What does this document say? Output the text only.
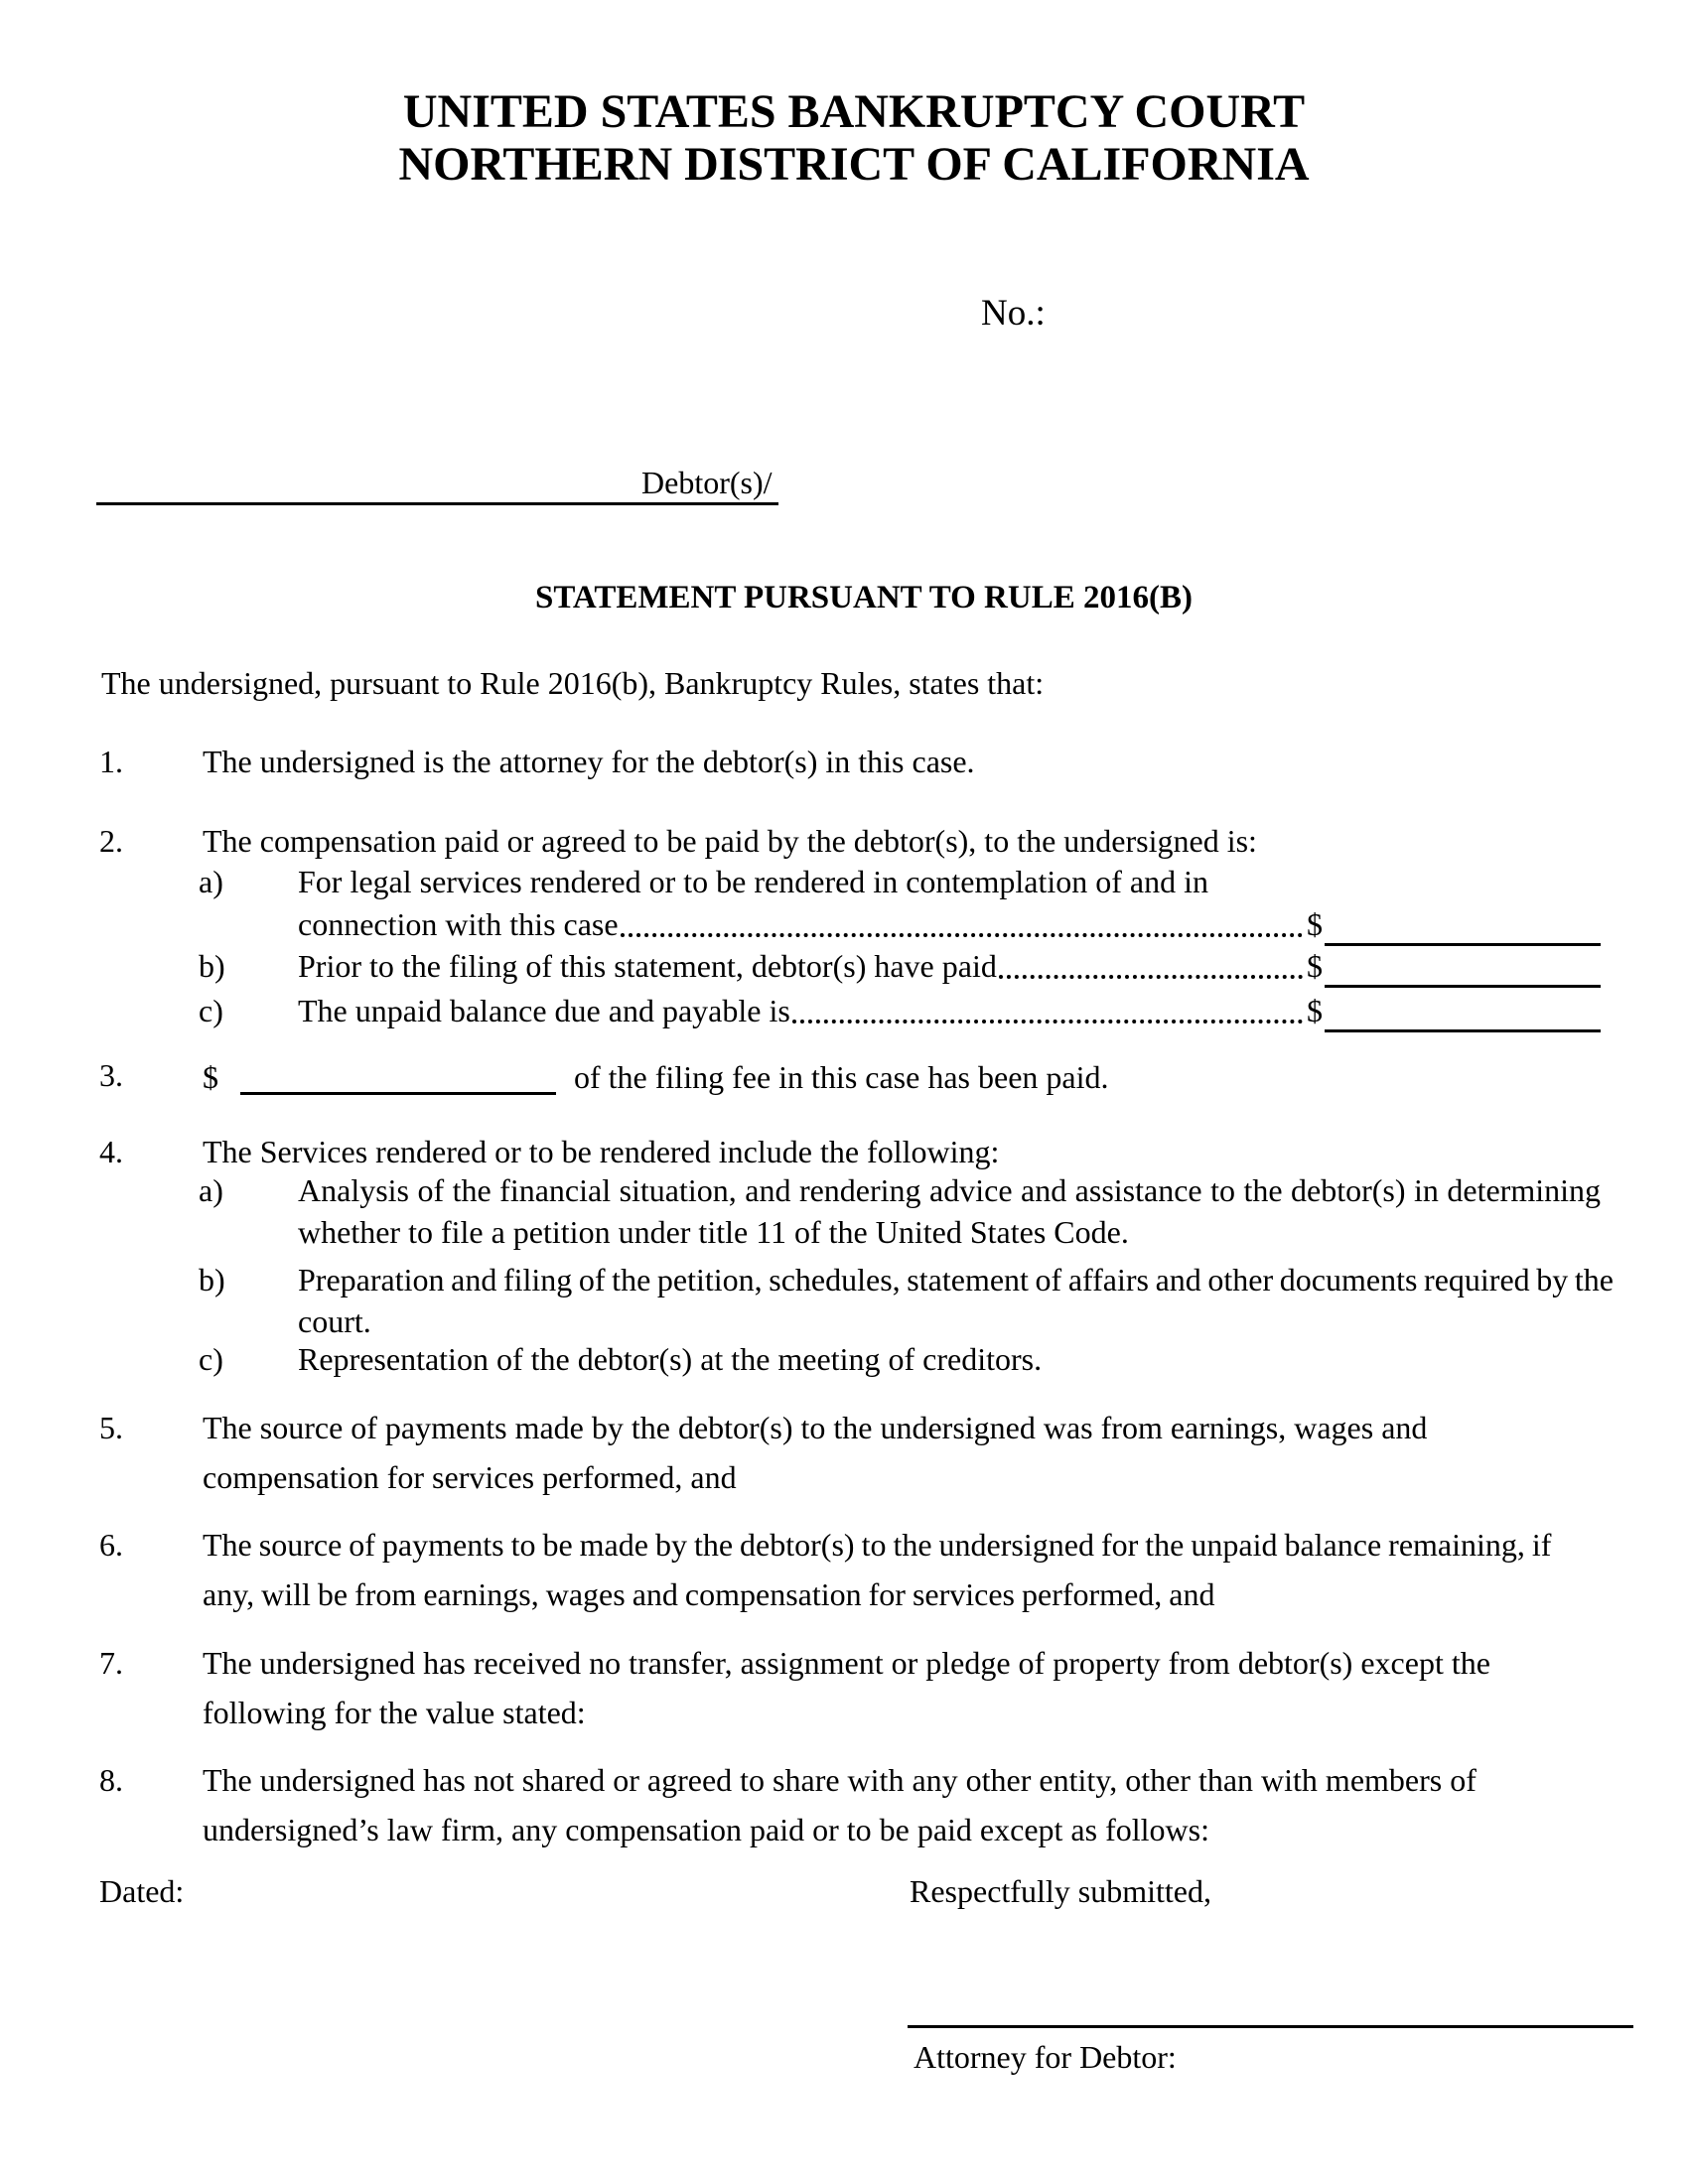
UNITED STATES BANKRUPTCY COURT
NORTHERN DISTRICT OF CALIFORNIA
No.:
Debtor(s)/
STATEMENT PURSUANT TO RULE 2016(B)
The undersigned, pursuant to Rule 2016(b), Bankruptcy Rules, states that:
1.	The undersigned is the attorney for the debtor(s) in this case.
2.	The compensation paid or agreed to be paid by the debtor(s), to the undersigned is:
a) For legal services rendered or to be rendered in contemplation of and in
connection with this case	$
b) Prior to the filing of this statement, debtor(s) have paid	$
c) The unpaid balance due and payable is	$
3.	$	of the filing fee in this case has been paid.
4.	The Services rendered or to be rendered include the following:
a) Analysis of the financial situation, and rendering advice and assistance to the debtor(s) in determining whether to file a petition under title 11 of the United States Code.
b) Preparation and filing of the petition, schedules, statement of affairs and other documents required by the court.
c) Representation of the debtor(s) at the meeting of creditors.
5.	The source of payments made by the debtor(s) to the undersigned was from earnings, wages and compensation for services performed, and
6.	The source of payments to be made by the debtor(s) to the undersigned for the unpaid balance remaining, if any, will be from earnings, wages and compensation for services performed, and
7.	The undersigned has received no transfer, assignment or pledge of property from debtor(s) except the following for the value stated:
8.	The undersigned has not shared or agreed to share with any other entity, other than with members of undersigned’s law firm, any compensation paid or to be paid except as follows:
Dated:	Respectfully submitted,
Attorney for Debtor:
